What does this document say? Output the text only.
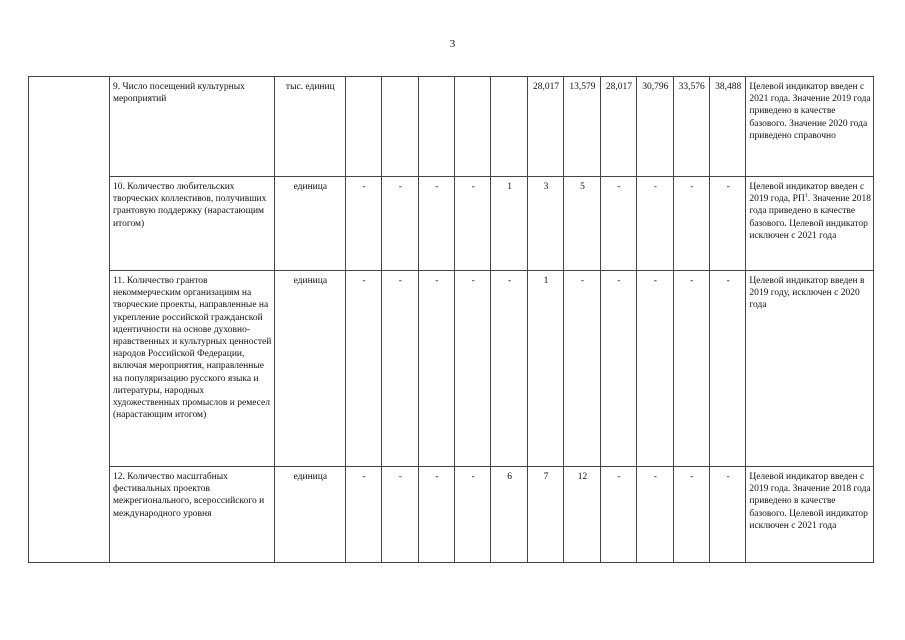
3
	9. Число посещений культурных мероприятий	тыс. единиц						28,017	13,579	28,017	30,796	33,576	38,488	Целевой индикатор введен с 2021 года. Значение 2019 года приведено в качестве базового. Значение 2020 года приведено справочно
	10. Количество любительских творческих коллективов, получивших грантовую поддержку (нарастающим итогом)	единица	-	-	-	-	1	3	5	-	-	-	-	Целевой индикатор введен с 2019 года, $РП^1$. Значение 2018 года приведено в качестве базового. Целевой индикатор исключен с 2021 года
	11. Количество грантов некоммерческим организациям на творческие проекты, направленные на укрепление российской гражданской идентичности на основе духовно-нравственных и культурных ценностей народов Российской Федерации, включая мероприятия, направленные на популяризацию русского языка и литературы, народных художественных промыслов и ремесел (нарастающим итогом)	единица	-	-	-	-	-	1	-	-	-	-	-	Целевой индикатор введен в 2019 году, исключен с 2020 года
	12. Количество масштабных фестивальных проектов межрегионального, всероссийского и международного уровня	единица	-	-	-	-	6	7	12	-	-	-	-	Целевой индикатор введен с 2019 года. Значение 2018 года приведено в качестве базового. Целевой индикатор исключен с 2021 года
